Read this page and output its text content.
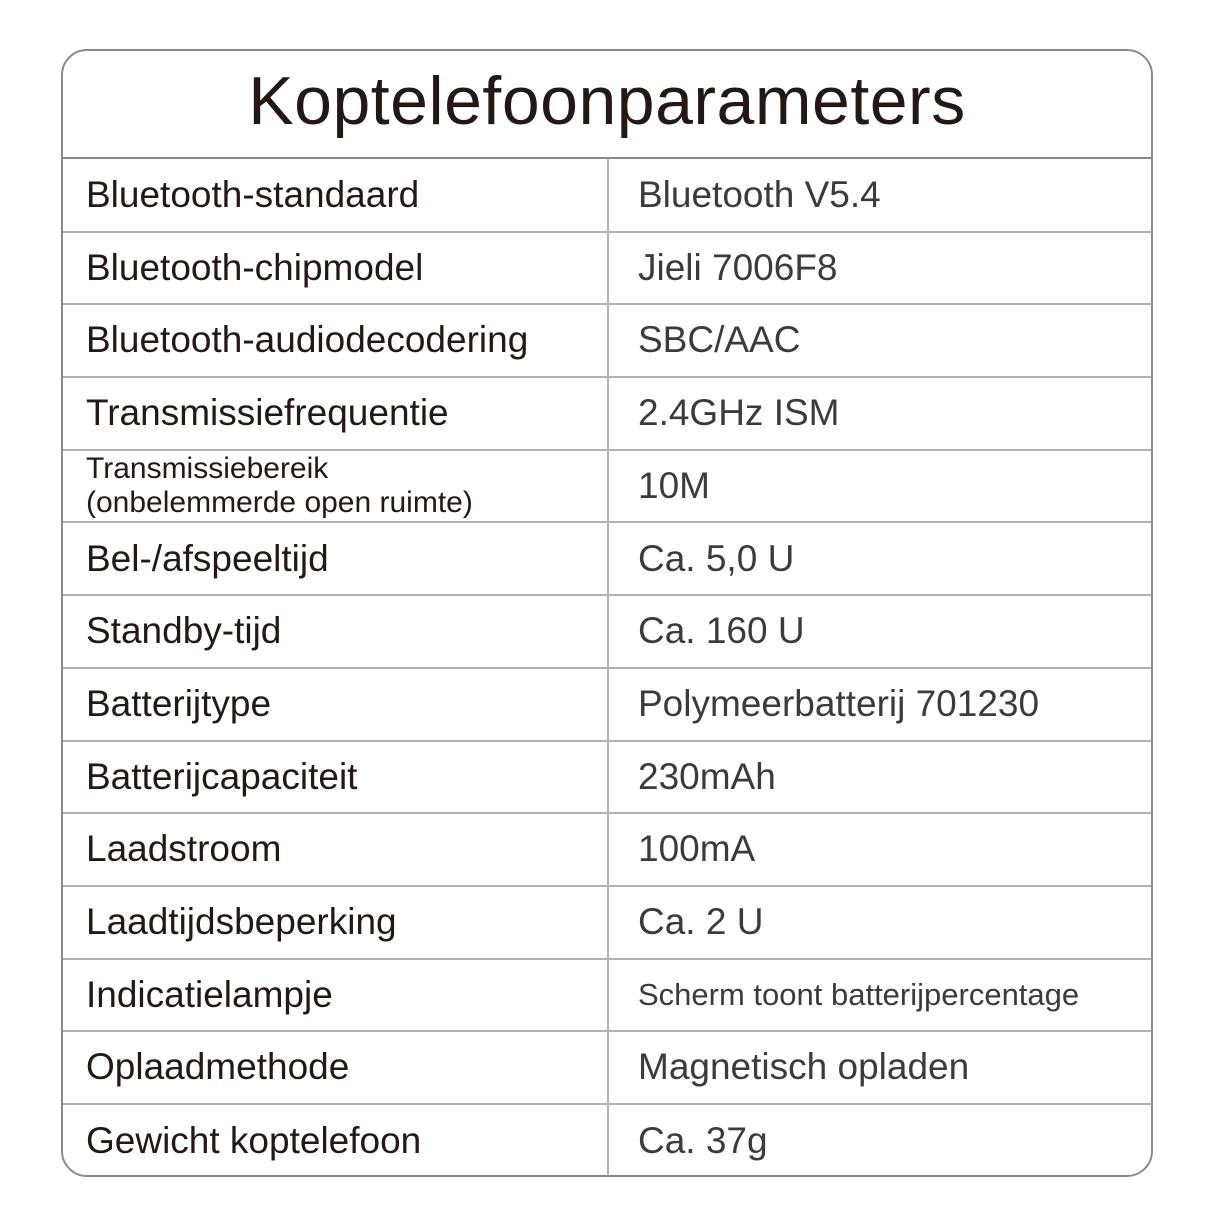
Koptelefoonparameters
Bluetooth-standaard	Bluetooth V5.4

Bluetooth-chipmodel	Jieli 7006F8

Bluetooth-audiodecodering	SBC/AAC

Transmissiefrequentie	2.4GHz ISM

Transmissiebereik
(onbelemmerde open ruimte)	10M

Bel-/afspeeltijd	Ca. 5,0 U

Standby-tijd	Ca. 160 U

Batterijtype	Polymeerbatterij 701230

Batterijcapaciteit	230mAh

Laadstroom	100mA

Laadtijdsbeperking	Ca. 2 U

Indicatielampje	Scherm toont batterijpercentage

Oplaadmethode	Magnetisch opladen

Gewicht koptelefoon	Ca. 37g
